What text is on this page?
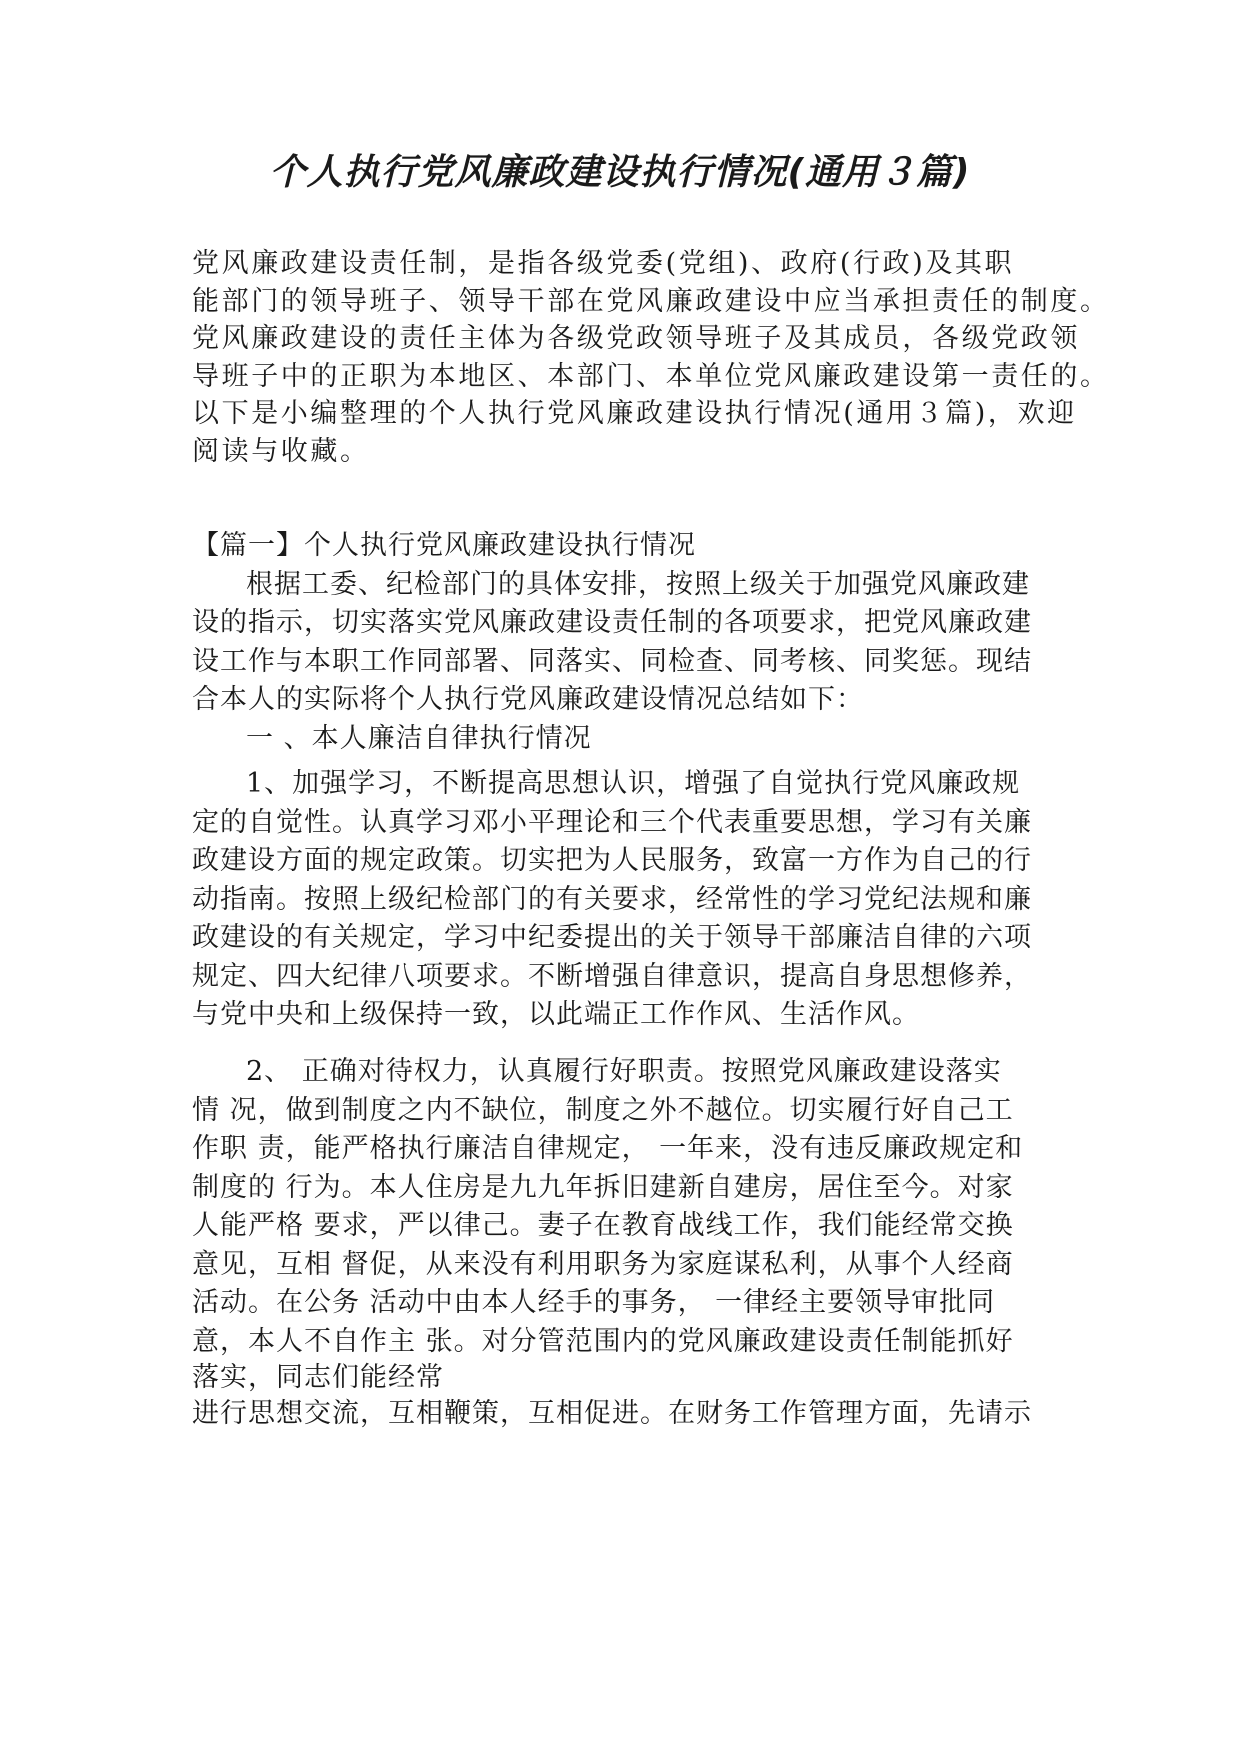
个人执行党风廉政建设执行情况(通用３篇)
党风廉政建设责任制，是指各级党委(党组)、政府(行政)及其职
能部门的领导班子、领导干部在党风廉政建设中应当承担责任的制度。
党风廉政建设的责任主体为各级党政领导班子及其成员，各级党政领
导班子中的正职为本地区、本部门、本单位党风廉政建设第一责任的。
以下是小编整理的个人执行党风廉政建设执行情况(通用３篇)，欢迎
阅读与收藏。
【篇一】个人执行党风廉政建设执行情况
根据工委、纪检部门的具体安排，按照上级关于加强党风廉政建
设的指示，切实落实党风廉政建设责任制的各项要求，把党风廉政建
设工作与本职工作同部署、同落实、同检查、同考核、同奖惩。现结
合本人的实际将个人执行党风廉政建设情况总结如下：
一 、本人廉洁自律执行情况
1、加强学习，不断提高思想认识，增强了自觉执行党风廉政规
定的自觉性。认真学习邓小平理论和三个代表重要思想，学习有关廉
政建设方面的规定政策。切实把为人民服务，致富一方作为自己的行
动指南。按照上级纪检部门的有关要求，经常性的学习党纪法规和廉
政建设的有关规定，学习中纪委提出的关于领导干部廉洁自律的六项
规定、四大纪律八项要求。不断增强自律意识，提高自身思想修养，
与党中央和上级保持一致，以此端正工作作风、生活作风。
2、 正确对待权力，认真履行好职责。按照党风廉政建设落实
情 况，做到制度之内不缺位，制度之外不越位。切实履行好自己工
作职 责，能严格执行廉洁自律规定， 一年来，没有违反廉政规定和
制度的 行为。本人住房是九九年拆旧建新自建房，居住至今。对家
人能严格 要求，严以律己。妻子在教育战线工作，我们能经常交换
意见，互相 督促，从来没有利用职务为家庭谋私利，从事个人经商
活动。在公务 活动中由本人经手的事务， 一律经主要领导审批同
意，本人不自作主 张。对分管范围内的党风廉政建设责任制能抓好
落实，同志们能经常
进行思想交流，互相鞭策，互相促进。在财务工作管理方面，先请示
